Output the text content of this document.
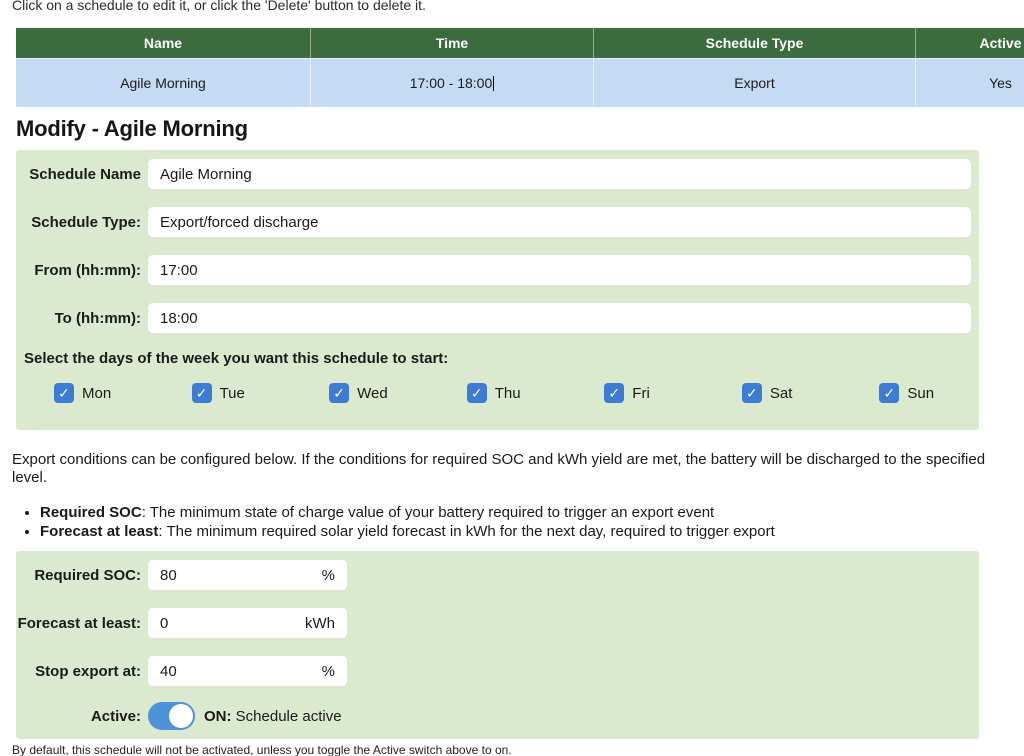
Click on a schedule to edit it, or click the 'Delete' button to delete it.

Name	Time	Schedule Type	Active
Agile Morning	17:00 - 18:00	Export	Yes
Modify - Agile Morning
Schedule Name
Agile Morning
Schedule Type:
Export/forced discharge
From (hh:mm):
17:00
To (hh:mm):
18:00
Select the days of the week you want this schedule to start:
✓ Mon	✓ Tue	✓ Wed	✓ Thu	✓ Fri	✓ Sat	✓ Sun

Export conditions can be configured below. If the conditions for required SOC and kWh yield are met, the battery will be discharged to the specified level.

• Required SOC: The minimum state of charge value of your battery required to trigger an export event
• Forecast at least: The minimum required solar yield forecast in kWh for the next day, required to trigger export
Required SOC:
80	%
Forecast at least:
0	kWh
Stop export at:
40	%
Active:	ON: Schedule active

By default, this schedule will not be activated, unless you toggle the Active switch above to on.
